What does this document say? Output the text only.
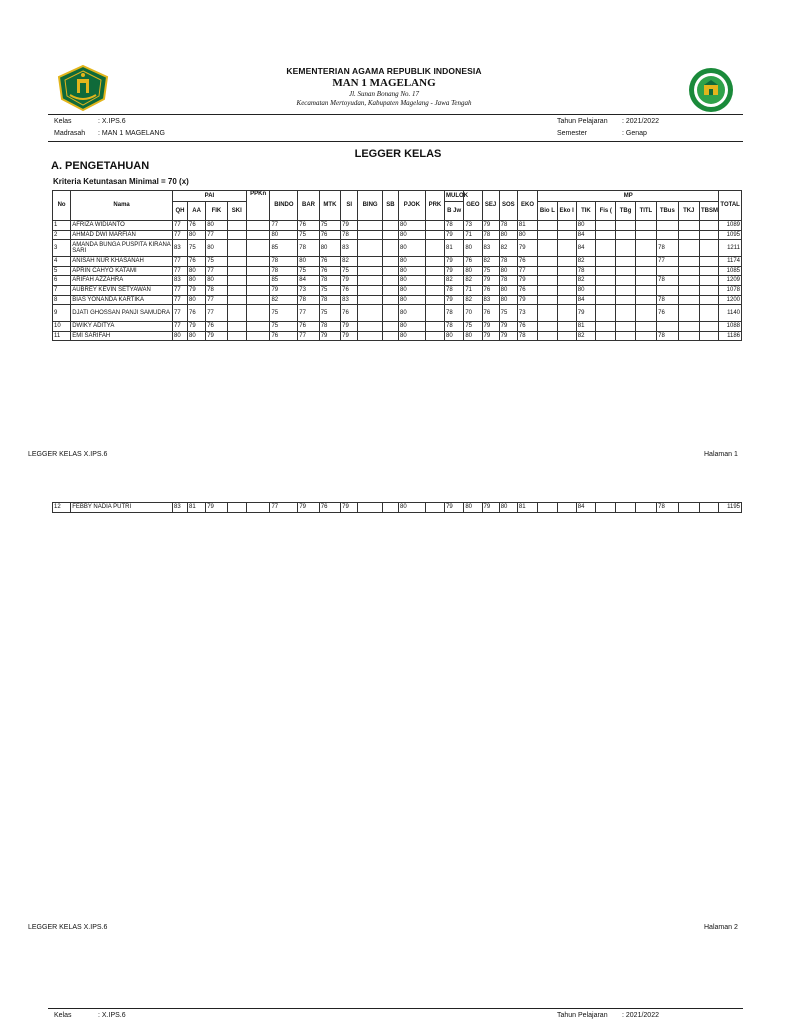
KEMENTERIAN AGAMA REPUBLIK INDONESIA
MAN 1 MAGELANG
Jl. Sunan Bonang No. 17
Kecamatan Mertoyudan, Kabupaten Magelang - Jawa Tengah
Kelas	: X.IPS.6
Madrasah : MAN 1 MAGELANG
Tahun Pelajaran : 2021/2022
Semester	: Genap
LEGGER KELAS
A. PENGETAHUAN
Kriteria Ketuntasan Minimal = 70 (x)
No	Nama	PAI				PPKn	BINDO	BAR	MTK	SI	BING	SB	PJOK	PRK	MULOK	GEO	SEJ	SOS	EKO	MP									TOTAL
		QH	AA	FIK	SKI										B Jw					Bio L	Eko I	TIK	Fis (	TBg	TITL	TBus	TKJ	TBSM	
1	AFRIZA WIDIANTO	77	76	80			77	76	75	79			80		78	73	79	78	81			80							1089
2	AHMAD DWI MARFIAN	77	80	77			80	75	76	78			80		79	71	78	80	80			84							1095
3	AMANDA BUNGA PUSPITA KIRANA SARI	83	75	80			85	78	80	83			80		81	80	83	82	79			84				78			1211
4	ANISAH NUR KHASANAH	77	76	75			78	80	76	82			80		79	76	82	78	76			82				77			1174
5	APRIN CAHYO KATAMI	77	80	77			78	75	76	75			80		79	80	75	80	77			78							1085
6	ARIFAH AZZAHRA	83	80	80			85	84	78	79			80		82	82	79	78	79			82				78			1209
7	AUBREY KEVIN SETYAWAN	77	79	78			79	73	75	76			80		78	71	76	80	76			80							1078
8	BIAS YONANDA KARTIKA	77	80	77			82	78	78	83			80		79	82	83	80	79			84				78			1200
9	DJATI GHOSSAN PANJI SAMUDRA	77	76	77			75	77	75	76			80		78	70	76	75	73			79				76			1140
10	DWIKY ADITYA	77	79	76			75	76	78	79			80		78	75	79	79	76			81							1088
11	EMI SARIFAH	80	80	79			76	77	79	79			80		80	80	79	79	78			82				78			1186
LEGGER KELAS X.IPS.6	Halaman 1
12	FEBBY NADIA PUTRI	83	81	79			77	79	76	79			80		79	80	79	80	81			84				78			1195
LEGGER KELAS X.IPS.6	Halaman 2
Kelas	: X.IPS.6	Tahun Pelajaran : 2021/2022
